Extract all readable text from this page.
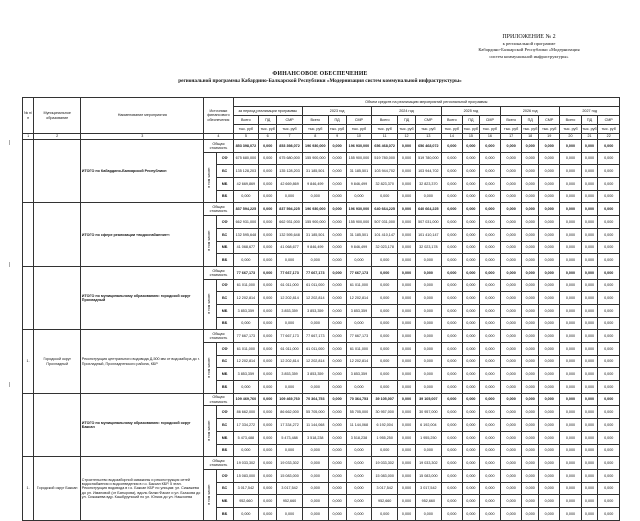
ПРИЛОЖЕНИЕ № 2
к региональной программе
Кабардино-Балкарской Республики «Модернизация
систем коммунальной инфраструктуры»
ФИНАНСОВОЕ ОБЕСПЕЧЕНИЕ
региональной программы Кабардино-Балкарской Республики «Модернизация систем коммунальной инфраструктуры»
№ п/п	Муниципальное образование	Наименование мероприятия	Источники финансового обеспечения		Объем средств на реализацию мероприятий региональной программы																	
					за период реализации программы			2023 год			2024 год			2025 год			2026 год			2027 год		
					Всего	ПД	СМР	Всего	ПД	СМР	Всего	ПД	СМР	Всего	ПД	СМР	Всего	ПД	СМР	Всего	ПД	СМР
					тыс. руб	тыс. руб	тыс. руб	тыс. руб	тыс. руб	тыс. руб	тыс. руб	тыс. руб	тыс. руб	тыс. руб	тыс. руб	тыс. руб	тыс. руб	тыс. руб	тыс. руб	тыс. руб	тыс. руб	тыс. руб
1	2	3	4		5	6	7	8	9	10	11	12	13	14	15	16	17	18	19	20	21	22
		ИТОГО по Кабардино-Балкарской Республике:	Общая стоимость		853 398,072	0,000	853 398,072	196 930,000	0,000	196 930,000	656 468,072	0,000	656 468,072	0,000	0,000	0,000	0,000	0,000	0,000	0,000	0,000	0,000
			в том числе:	СФ	675 680,000	0,000	675 680,000	155 900,000	0,000	155 900,000	519 780,000	0,000	519 780,000	0,000	0,000	0,000	0,000	0,000	0,000	0,000	0,000	0,000
				БС	135 128,203	0,000	135 128,203	31 185,501	0,000	31 185,501	103 944,702	0,000	103 944,702	0,000	0,000	0,000	0,000	0,000	0,000	0,000	0,000	0,000
				МБ	42 669,869	0,000	42 669,869	9 846,499	0,000	9 846,499	32 823,370	0,000	32 823,370	0,000	0,000	0,000	0,000	0,000	0,000	0,000	0,000	0,000
				ВБ	0,000	0,000	0,000	0,000	0,000	0,000	0,000	0,000	0,000	0,000	0,000	0,000	0,000	0,000	0,000	0,000	0,000	0,000
		ИТОГО по сфере реализации «водоснабжение»:	Общая стоимость		837 594,225	0,000	837 594,225	196 930,000	0,000	196 930,000	640 664,225	0,000	640 664,225	0,000	0,000	0,000	0,000	0,000	0,000	0,000	0,000	0,000
			в том числе:	СФ	662 931,000	0,000	662 931,000	155 900,000	0,000	155 900,000	507 031,000	0,000	507 031,000	0,000	0,000	0,000	0,000	0,000	0,000	0,000	0,000	0,000
				БС	132 595,648	0,000	132 595,648	31 185,501	0,000	31 185,501	101 410,147	0,000	101 410,147	0,000	0,000	0,000	0,000	0,000	0,000	0,000	0,000	0,000
				МБ	41 068,677	0,000	41 068,677	9 846,499	0,000	9 846,499	32 023,178	0,000	32 023,178	0,000	0,000	0,000	0,000	0,000	0,000	0,000	0,000	0,000
				ВБ	0,000	0,000	0,000	0,000	0,000	0,000	0,000	0,000	0,000	0,000	0,000	0,000	0,000	0,000	0,000	0,000	0,000	0,000
		ИТОГО по муниципальному образованию: городской округ Прохладный	Общая стоимость		77 667,173	0,000	77 667,173	77 667,173	0,000	77 667,173	0,000	0,000	0,000	0,000	0,000	0,000	0,000	0,000	0,000	0,000	0,000	0,000
			в том числе:	СФ	61 011,000	0,000	61 011,000	61 011,000	0,000	61 011,000	0,000	0,000	0,000	0,000	0,000	0,000	0,000	0,000	0,000	0,000	0,000	0,000
				БС	12 202,814	0,000	12 202,814	12 202,814	0,000	12 202,814	0,000	0,000	0,000	0,000	0,000	0,000	0,000	0,000	0,000	0,000	0,000	0,000
				МБ	3 853,359	0,000	3 853,359	3 853,359	0,000	3 853,359	0,000	0,000	0,000	0,000	0,000	0,000	0,000	0,000	0,000	0,000	0,000	0,000
				ВБ	0,000	0,000	0,000	0,000	0,000	0,000	0,000	0,000	0,000	0,000	0,000	0,000	0,000	0,000	0,000	0,000	0,000	0,000
1.	Городской округ Прохладный	Реконструкция центрального водовода Д-500 мм от водозабора до г. Прохладный, Прохладненского района, КБР	Общая стоимость		77 667,173	0,000	77 667,173	77 667,173	0,000	77 667,173	0,000	0,000	0,000	0,000	0,000	0,000	0,000	0,000	0,000	0,000	0,000	0,000
			в том числе:	СФ	61 011,000	0,000	61 011,000	61 011,000	0,000	61 011,000	0,000	0,000	0,000	0,000	0,000	0,000	0,000	0,000	0,000	0,000	0,000	0,000
				БС	12 202,814	0,000	12 202,814	12 202,814	0,000	12 202,814	0,000	0,000	0,000	0,000	0,000	0,000	0,000	0,000	0,000	0,000	0,000	0,000
				МБ	3 853,359	0,000	3 853,359	3 853,359	0,000	3 853,359	0,000	0,000	0,000	0,000	0,000	0,000	0,000	0,000	0,000	0,000	0,000	0,000
				ВБ	0,000	0,000	0,000	0,000	0,000	0,000	0,000	0,000	0,000	0,000	0,000	0,000	0,000	0,000	0,000	0,000	0,000	0,000
		ИТОГО по муниципальному образованию: городской округ Баксан	Общая стоимость		109 469,760	0,000	109 469,760	70 364,753	0,000	70 364,753	39 105,007	0,000	39 105,007	0,000	0,000	0,000	0,000	0,000	0,000	0,000	0,000	0,000
			в том числе:	СФ	86 662,000	0,000	86 662,000	55 705,000	0,000	55 705,000	30 957,000	0,000	30 957,000	0,000	0,000	0,000	0,000	0,000	0,000	0,000	0,000	0,000
				БС	17 334,272	0,000	17 334,272	11 144,068	0,000	11 144,068	6 192,004	0,000	6 192,004	0,000	0,000	0,000	0,000	0,000	0,000	0,000	0,000	0,000
				МБ	5 473,488	0,000	5 473,488	3 518,238	0,000	3 518,238	1 955,250	0,000	1 955,250	0,000	0,000	0,000	0,000	0,000	0,000	0,000	0,000	0,000
				ВБ	0,000	0,000	0,000	0,000	0,000	0,000	0,000	0,000	0,000	0,000	0,000	0,000	0,000	0,000	0,000	0,000	0,000	0,000
1.	Городской округ Баксан	Строительство водозаборной скважины и реконструкция сетей водоснабжения и водоотведения в г.о. Баксан КБР. 5 этап. Реконструкция водовода в г.о. Баксан КБР по улицам: ул. Сижажева до ул. Имановой (от Батырова), вдоль балки Фасил и ул. Бычкова до ул. Сижажева вдр. Кашбурунский по ул. Юнкиз до ул. Нашхоева	Общая стоимость		19 033,302	0,000	19 033,302	0,000	0,000	0,000	19 033,302	0,000	19 033,302	0,000	0,000	0,000	0,000	0,000	0,000	0,000	0,000	0,000
			в том числе:	СФ	15 083,000	0,000	15 083,000	0,000	0,000	0,000	15 083,000	0,000	15 083,000	0,000	0,000	0,000	0,000	0,000	0,000	0,000	0,000	0,000
				БС	3 017,542	0,000	3 017,542	0,000	0,000	0,000	3 017,542	0,000	3 017,542	0,000	0,000	0,000	0,000	0,000	0,000	0,000	0,000	0,000
				МБ	952,660	0,000	952,660	0,000	0,000	0,000	952,660	0,000	952,660	0,000	0,000	0,000	0,000	0,000	0,000	0,000	0,000	0,000
				ВБ	0,000	0,000	0,000	0,000	0,000	0,000	0,000	0,000	0,000	0,000	0,000	0,000	0,000	0,000	0,000	0,000	0,000	0,000
